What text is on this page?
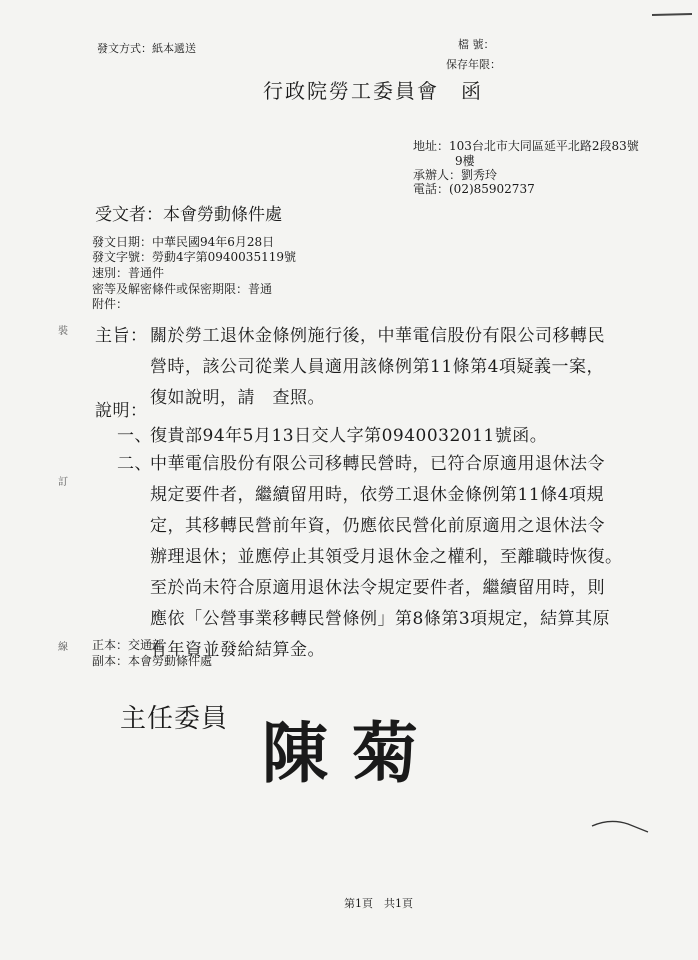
發文方式：紙本遞送	檔 號：
保存年限：
行政院勞工委員會　函
地址：103台北市大同區延平北路2段83號
9樓
承辦人：劉秀玲
電話：(02)85902737
受文者：本會勞動條件處
發文日期：中華民國94年6月28日
發文字號：勞動4字第0940035119號
速別：普通件
密等及解密條件或保密期限：普通
附件：
裝
訂
線
主旨： 關於勞工退休金條例施行後，中華電信股份有限公司移轉民
營時，該公司從業人員適用該條例第11條第4項疑義一案，
復如說明，請　查照。
說明：
一、
復貴部94年5月13日交人字第0940032011號函。
二、
中華電信股份有限公司移轉民營時，已符合原適用退休法令
規定要件者，繼續留用時，依勞工退休金條例第11條4項規
定，其移轉民營前年資，仍應依民營化前原適用之退休法令
辦理退休；並應停止其領受月退休金之權利，至離職時恢復。
至於尚未符合原適用退休法令規定要件者，繼續留用時，則
應依「公營事業移轉民營條例」第8條第3項規定，結算其原
有年資並發給結算金。
正本：交通部
副本：本會勞動條件處
主任委員 陳菊
第1頁　共1頁
